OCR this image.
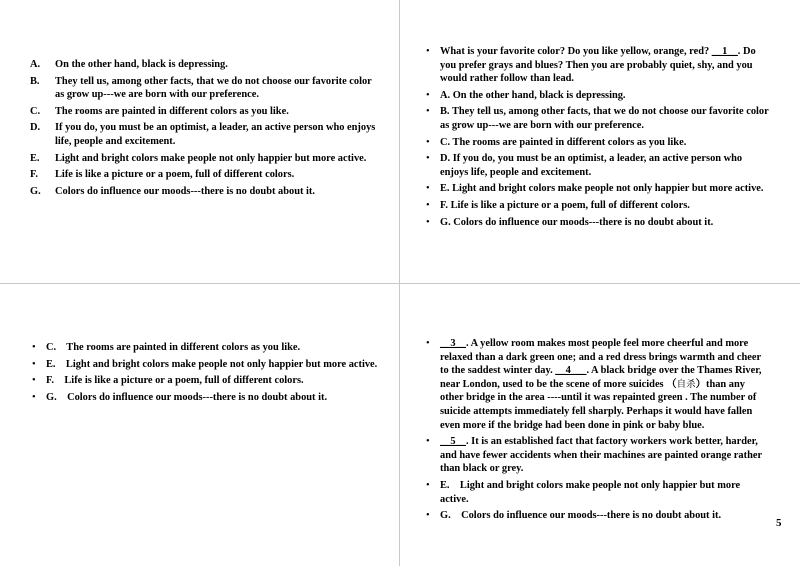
A. On the other hand, black is depressing.
B. They tell us, among other facts, that we do not choose our favorite color as grow up---we are born with our preference.
C. The rooms are painted in different colors as you like.
D. If you do, you must be an optimist, a leader, an active person who enjoys life, people and excitement.
E. Light and bright colors make people not only happier but more active.
F. Life is like a picture or a poem, full of different colors.
G. Colors do influence our moods---there is no doubt about it.
• What is your favorite color? Do you like yellow, orange, red? __1__. Do you prefer grays and blues? Then you are probably quiet, shy, and you would rather follow than lead.
• A. On the other hand, black is depressing.
• B. They tell us, among other facts, that we do not choose our favorite color as grow up---we are born with our preference.
• C. The rooms are painted in different colors as you like.
• D. If you do, you must be an optimist, a leader, an active person who enjoys life, people and excitement.
• E. Light and bright colors make people not only happier but more active.
• F. Life is like a picture or a poem, full of different colors.
• G. Colors do influence our moods---there is no doubt about it.
• C.    The rooms are painted in different colors as you like.
• E.    Light and bright colors make people not only happier but more active.
• F.    Life is like a picture or a poem, full of different colors.
• G.    Colors do influence our moods---there is no doubt about it.
• __3__. A yellow room makes most people feel more cheerful and more relaxed than a dark green one; and a red dress brings warmth and cheer to the saddest winter day. __4___. A black bridge over the Thames River, near London, used to be the scene of more suicides （自杀）than any other bridge in the area ----until it was repainted green . The number of suicide attempts immediately fell sharply. Perhaps it would have fallen even more if the bridge had been done in pink or baby blue.
• __5__. It is an established fact that factory workers work better, harder, and have fewer accidents when their machines are painted orange rather than black or grey.
• E.    Light and bright colors make people not only happier but more active.
• G.    Colors do influence our moods---there is no doubt about it.
5
